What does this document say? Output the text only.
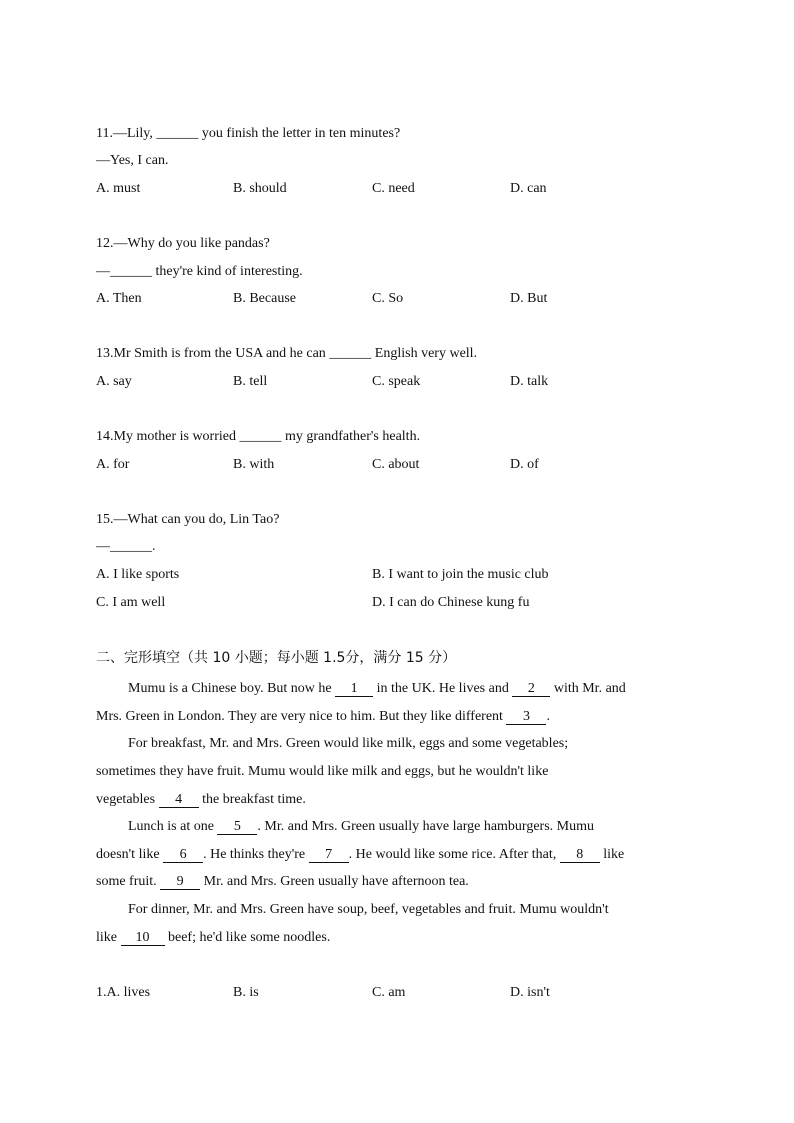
11.—Lily, ______ you finish the letter in ten minutes?
—Yes, I can.
A. must	B. should	C. need	D. can
12.—Why do you like pandas?
—______ they're kind of interesting.
A. Then	B. Because	C. So	D. But
13.Mr Smith is from the USA and he can ______ English very well.
A. say	B. tell	C. speak	D. talk
14.My mother is worried ______ my grandfather's health.
A. for	B. with	C. about	D. of
15.—What can you do, Lin Tao?
—______.
A. I like sports	B. I want to join the music club
C. I am well	D. I can do Chinese kung fu
二、完形填空（共 10 小题；每小题 1.5分，满分 15 分）
Mumu is a Chinese boy. But now he 1 in the UK. He lives and 2 with Mr. and
Mrs. Green in London. They are very nice to him. But they like different 3 .
For breakfast, Mr. and Mrs. Green would like milk, eggs and some vegetables;
sometimes they have fruit. Mumu would like milk and eggs, but he wouldn't like
vegetables 4 the breakfast time.
Lunch is at one 5 . Mr. and Mrs. Green usually have large hamburgers. Mumu
doesn't like 6 . He thinks they're 7 . He would like some rice. After that, 8 like
some fruit. 9 Mr. and Mrs. Green usually have afternoon tea.
For dinner, Mr. and Mrs. Green have soup, beef, vegetables and fruit. Mumu wouldn't
like 10 beef; he'd like some noodles.
1.A. lives	B. is	C. am	D. isn't
